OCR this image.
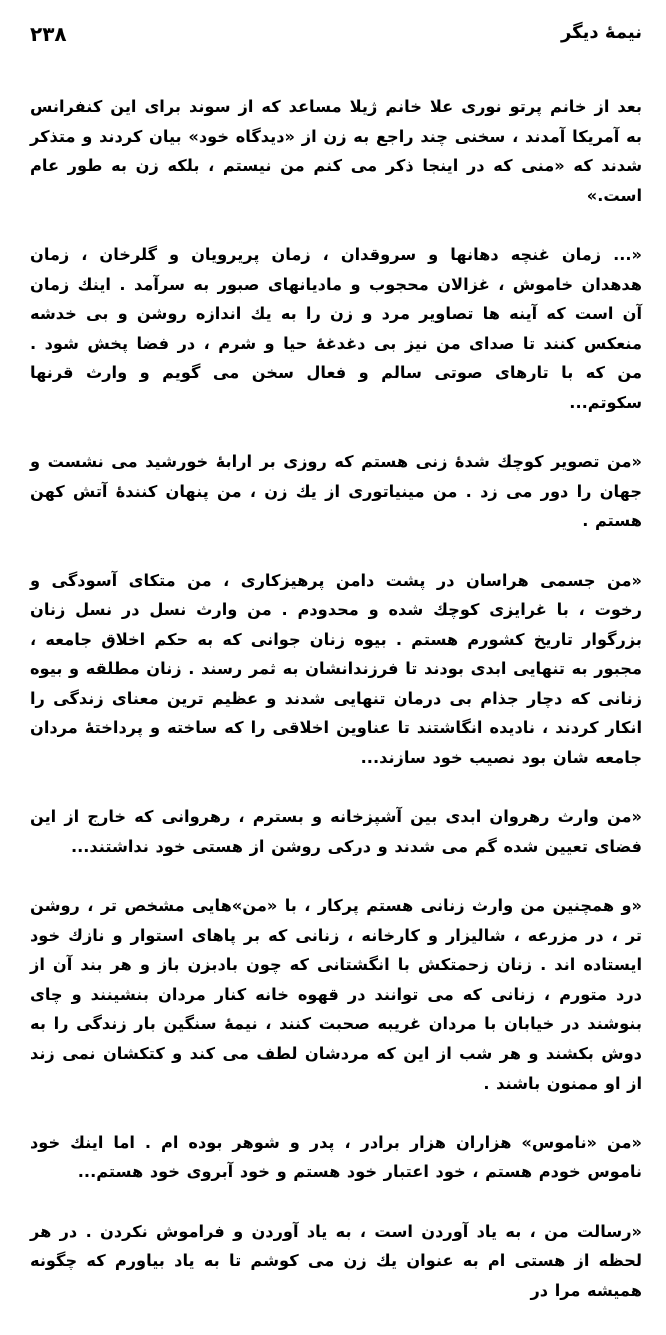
۲۳۸	نیمهٔ دیگر

بعد از خانم پرتو نوری علا خانم ژیلا مساعد که از سوند برای این کنفرانس به آمریکا آمدند ، سخنی چند راجع به زن از «دیدگاه خود» بیان کردند و متذکر شدند که «منی که در اینجا ذکر می کنم من نیستم ، بلکه زن به طور عام است.»

«... زمان غنچه دهانها و سروقدان ، زمان پریرویان و گلرخان ، زمان هدهدان خاموش ، غزالان محجوب و مادیانهای صبور به سرآمد . اینك زمان آن است که آینه ها تصاویر مرد و زن را به یك اندازه روشن و بی خدشه منعکس کنند تا صدای من نیز بی دغدغهٔ حیا و شرم ، در فضا پخش شود . من که با تارهای صوتی سالم و فعال سخن می گویم و وارث قرنها سکوتم...

«من تصویر کوچك شدهٔ زنی هستم که روزی بر ارابهٔ خورشید می نشست و جهان را دور می زد . من مینیاتوری از یك زن ، من پنهان کنندهٔ آتش کهن هستم .

«من جسمی هراسان در پشت دامن پرهیزکاری ، من متکای آسودگی و رخوت ، با غرایزی کوچك شده و محدودم . من وارث نسل در نسل زنان بزرگوار تاریخ کشورم هستم . بیوه زنان جوانی که به حکم اخلاق جامعه ، مجبور به تنهایی ابدی بودند تا فرزندانشان به ثمر رسند . زنان مطلقه و بیوه زنانی که دچار جذام بی درمان تنهایی شدند و عظیم ترین معنای زندگی را انکار کردند ، نادیده انگاشتند تا عناوین اخلاقی را که ساخته و پرداختهٔ مردان جامعه شان بود نصیب خود سازند...

«من وارث رهروان ابدی بین آشپزخانه و بسترم ، رهروانی که خارج از این فضای تعیین شده گم می شدند و درکی روشن از هستی خود نداشتند...

«و همچنین من وارث زنانی هستم پرکار ، با «من»هایی مشخص تر ، روشن تر ، در مزرعه ، شالیزار و کارخانه ، زنانی که بر پاهای استوار و نازك خود ایستاده اند . زنان زحمتکش با انگشتانی که چون بادبزن باز و هر بند آن از درد متورم ، زنانی که می توانند در قهوه خانه کنار مردان بنشینند و چای بنوشند در خیابان با مردان غریبه صحبت کنند ، نیمهٔ سنگین بار زندگی را به دوش بکشند و هر شب از این که مردشان لطف می کند و کتکشان نمی زند از او ممنون باشند .

«من «ناموس» هزاران هزار برادر ، پدر و شوهر بوده ام . اما اینك خود ناموس خودم هستم ، خود اعتبار خود هستم و خود آبروی خود هستم...

«رسالت من ، به یاد آوردن است ، به یاد آوردن و فراموش نکردن . در هر لحظه از هستی ام به عنوان یك زن می کوشم تا به یاد بیاورم که چگونه همیشه مرا در
